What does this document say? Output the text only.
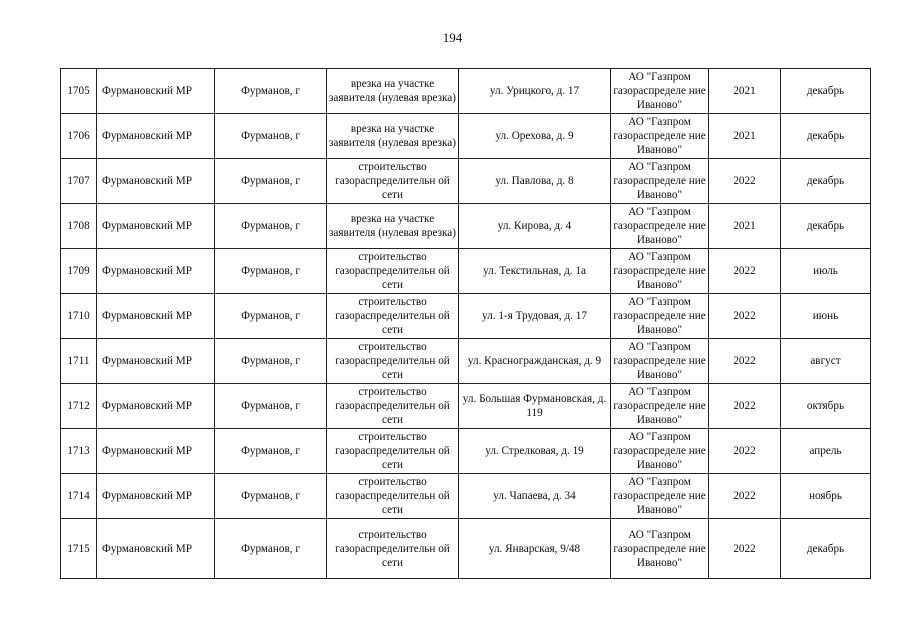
194
1705	Фурмановский МР	Фурманов, г	врезка на участке заявителя (нулевая врезка)	ул. Урицкого, д. 17	АО "Газпром газораспределе ние Иваново"	2021	декабрь
1706	Фурмановский МР	Фурманов, г	врезка на участке заявителя (нулевая врезка)	ул. Орехова, д. 9	АО "Газпром газораспределе ние Иваново"	2021	декабрь
1707	Фурмановский МР	Фурманов, г	строительство газораспределительн ой сети	ул. Павлова, д. 8	АО "Газпром газораспределе ние Иваново"	2022	декабрь
1708	Фурмановский МР	Фурманов, г	врезка на участке заявителя (нулевая врезка)	ул. Кирова, д. 4	АО "Газпром газораспределе ние Иваново"	2021	декабрь
1709	Фурмановский МР	Фурманов, г	строительство газораспределительн ой сети	ул. Текстильная, д. 1а	АО "Газпром газораспределе ние Иваново"	2022	июль
1710	Фурмановский МР	Фурманов, г	строительство газораспределительн ой сети	ул. 1-я Трудовая, д. 17	АО "Газпром газораспределе ние Иваново"	2022	июнь
1711	Фурмановский МР	Фурманов, г	строительство газораспределительн ой сети	ул. Красногражданская, д. 9	АО "Газпром газораспределе ние Иваново"	2022	август
1712	Фурмановский МР	Фурманов, г	строительство газораспределительн ой сети	ул. Большая Фурмановская, д. 119	АО "Газпром газораспределе ние Иваново"	2022	октябрь
1713	Фурмановский МР	Фурманов, г	строительство газораспределительн ой сети	ул. Стрелковая, д. 19	АО "Газпром газораспределе ние Иваново"	2022	апрель
1714	Фурмановский МР	Фурманов, г	строительство газораспределительн ой сети	ул. Чапаева, д. 34	АО "Газпром газораспределе ние Иваново"	2022	ноябрь
1715	Фурмановский МР	Фурманов, г	строительство газораспределительн ой сети	ул. Январская, 9/48	АО "Газпром газораспределе ние Иваново"	2022	декабрь
